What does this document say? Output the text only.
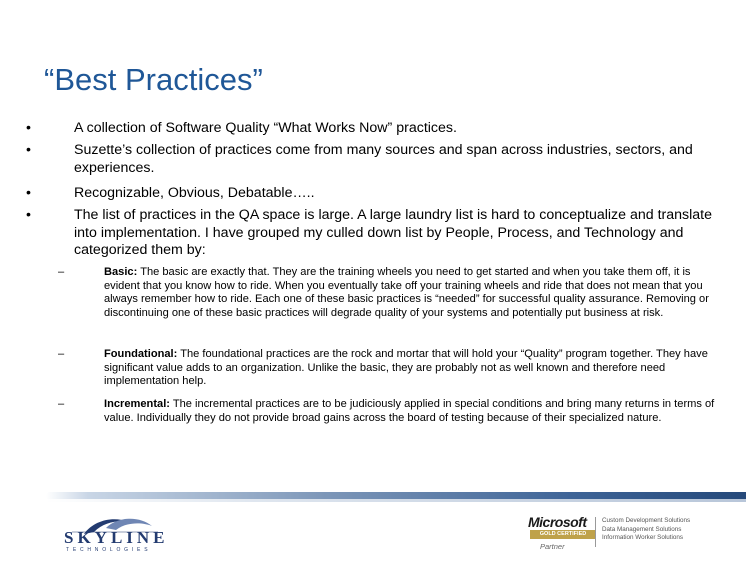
“Best Practices”
•	A collection of Software Quality “What Works Now” practices.
•	Suzette’s collection of practices come from many sources and span across industries, sectors, and experiences.
•	Recognizable, Obvious, Debatable…..
•	The list of practices in the QA space is large. A large laundry list is hard to conceptualize and translate into implementation. I have grouped my culled down list by People, Process, and Technology and categorized them by:
–	Basic: The basic are exactly that. They are the training wheels you need to get started and when you take them off, it is evident that you know how to ride. When you eventually take off your training wheels and ride that does not mean that you always remember how to ride. Each one of these basic practices is “needed” for successful quality assurance. Removing or discontinuing one of these basic practices will degrade quality of your systems and potentially put business at risk.
–	Foundational: The foundational practices are the rock and mortar that will hold your “Quality” program together. They have significant value adds to an organization. Unlike the basic, they are probably not as well known and therefore need implementation help.
–	Incremental: The incremental practices are to be judiciously applied in special conditions and bring many returns in terms of value. Individually they do not provide broad gains across the board of testing because of their specialized nature.
SKYLINE
TECHNOLOGIES
Microsoft
GOLD CERTIFIED
Partner
Custom Development Solutions
Data Management Solutions
Information Worker Solutions
